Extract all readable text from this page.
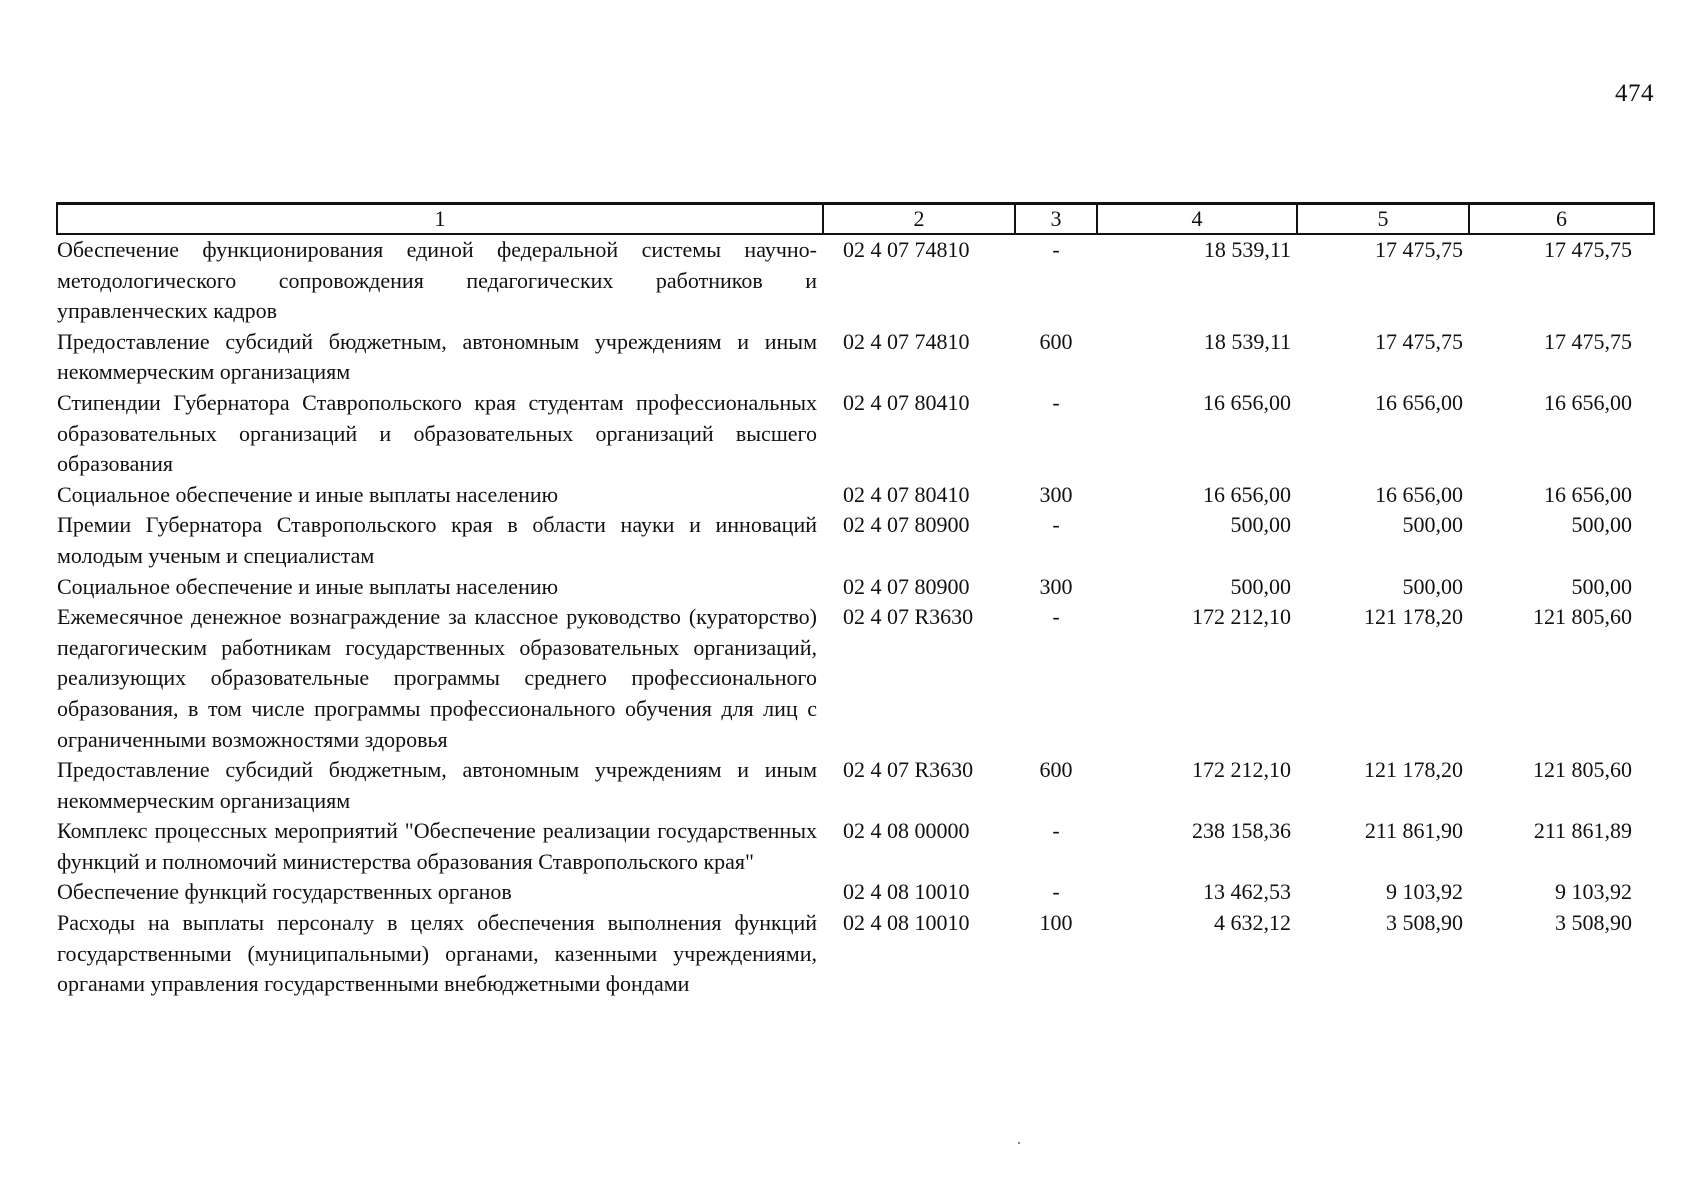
474
1	2	3	4	5	6
Обеспечение функционирования единой федеральной системы научно-методологического сопровождения педагогических работников и управленческих кадров	02 4 07 74810	-	18 539,11	17 475,75	17 475,75
Предоставление субсидий бюджетным, автономным учреждениям и иным некоммерческим организациям	02 4 07 74810	600	18 539,11	17 475,75	17 475,75
Стипендии Губернатора Ставропольского края студентам профессиональных образовательных организаций и образовательных организаций высшего образования	02 4 07 80410	-	16 656,00	16 656,00	16 656,00
Социальное обеспечение и иные выплаты населению	02 4 07 80410	300	16 656,00	16 656,00	16 656,00
Премии Губернатора Ставропольского края в области науки и инноваций молодым ученым и специалистам	02 4 07 80900	-	500,00	500,00	500,00
Социальное обеспечение и иные выплаты населению	02 4 07 80900	300	500,00	500,00	500,00
Ежемесячное денежное вознаграждение за классное руководство (кураторство) педагогическим работникам государственных образовательных организаций, реализующих образовательные программы среднего профессионального образования, в том числе программы профессионального обучения для лиц с ограниченными возможностями здоровья	02 4 07 R3630	-	172 212,10	121 178,20	121 805,60
Предоставление субсидий бюджетным, автономным учреждениям и иным некоммерческим организациям	02 4 07 R3630	600	172 212,10	121 178,20	121 805,60
Комплекс процессных мероприятий "Обеспечение реализации государственных функций и полномочий министерства образования Ставропольского края"	02 4 08 00000	-	238 158,36	211 861,90	211 861,89
Обеспечение функций государственных органов	02 4 08 10010	-	13 462,53	9 103,92	9 103,92
Расходы на выплаты персоналу в целях обеспечения выполнения функций государственными (муниципальными) органами, казенными учреждениями, органами управления государственными внебюджетными фондами	02 4 08 10010	100	4 632,12	3 508,90	3 508,90
